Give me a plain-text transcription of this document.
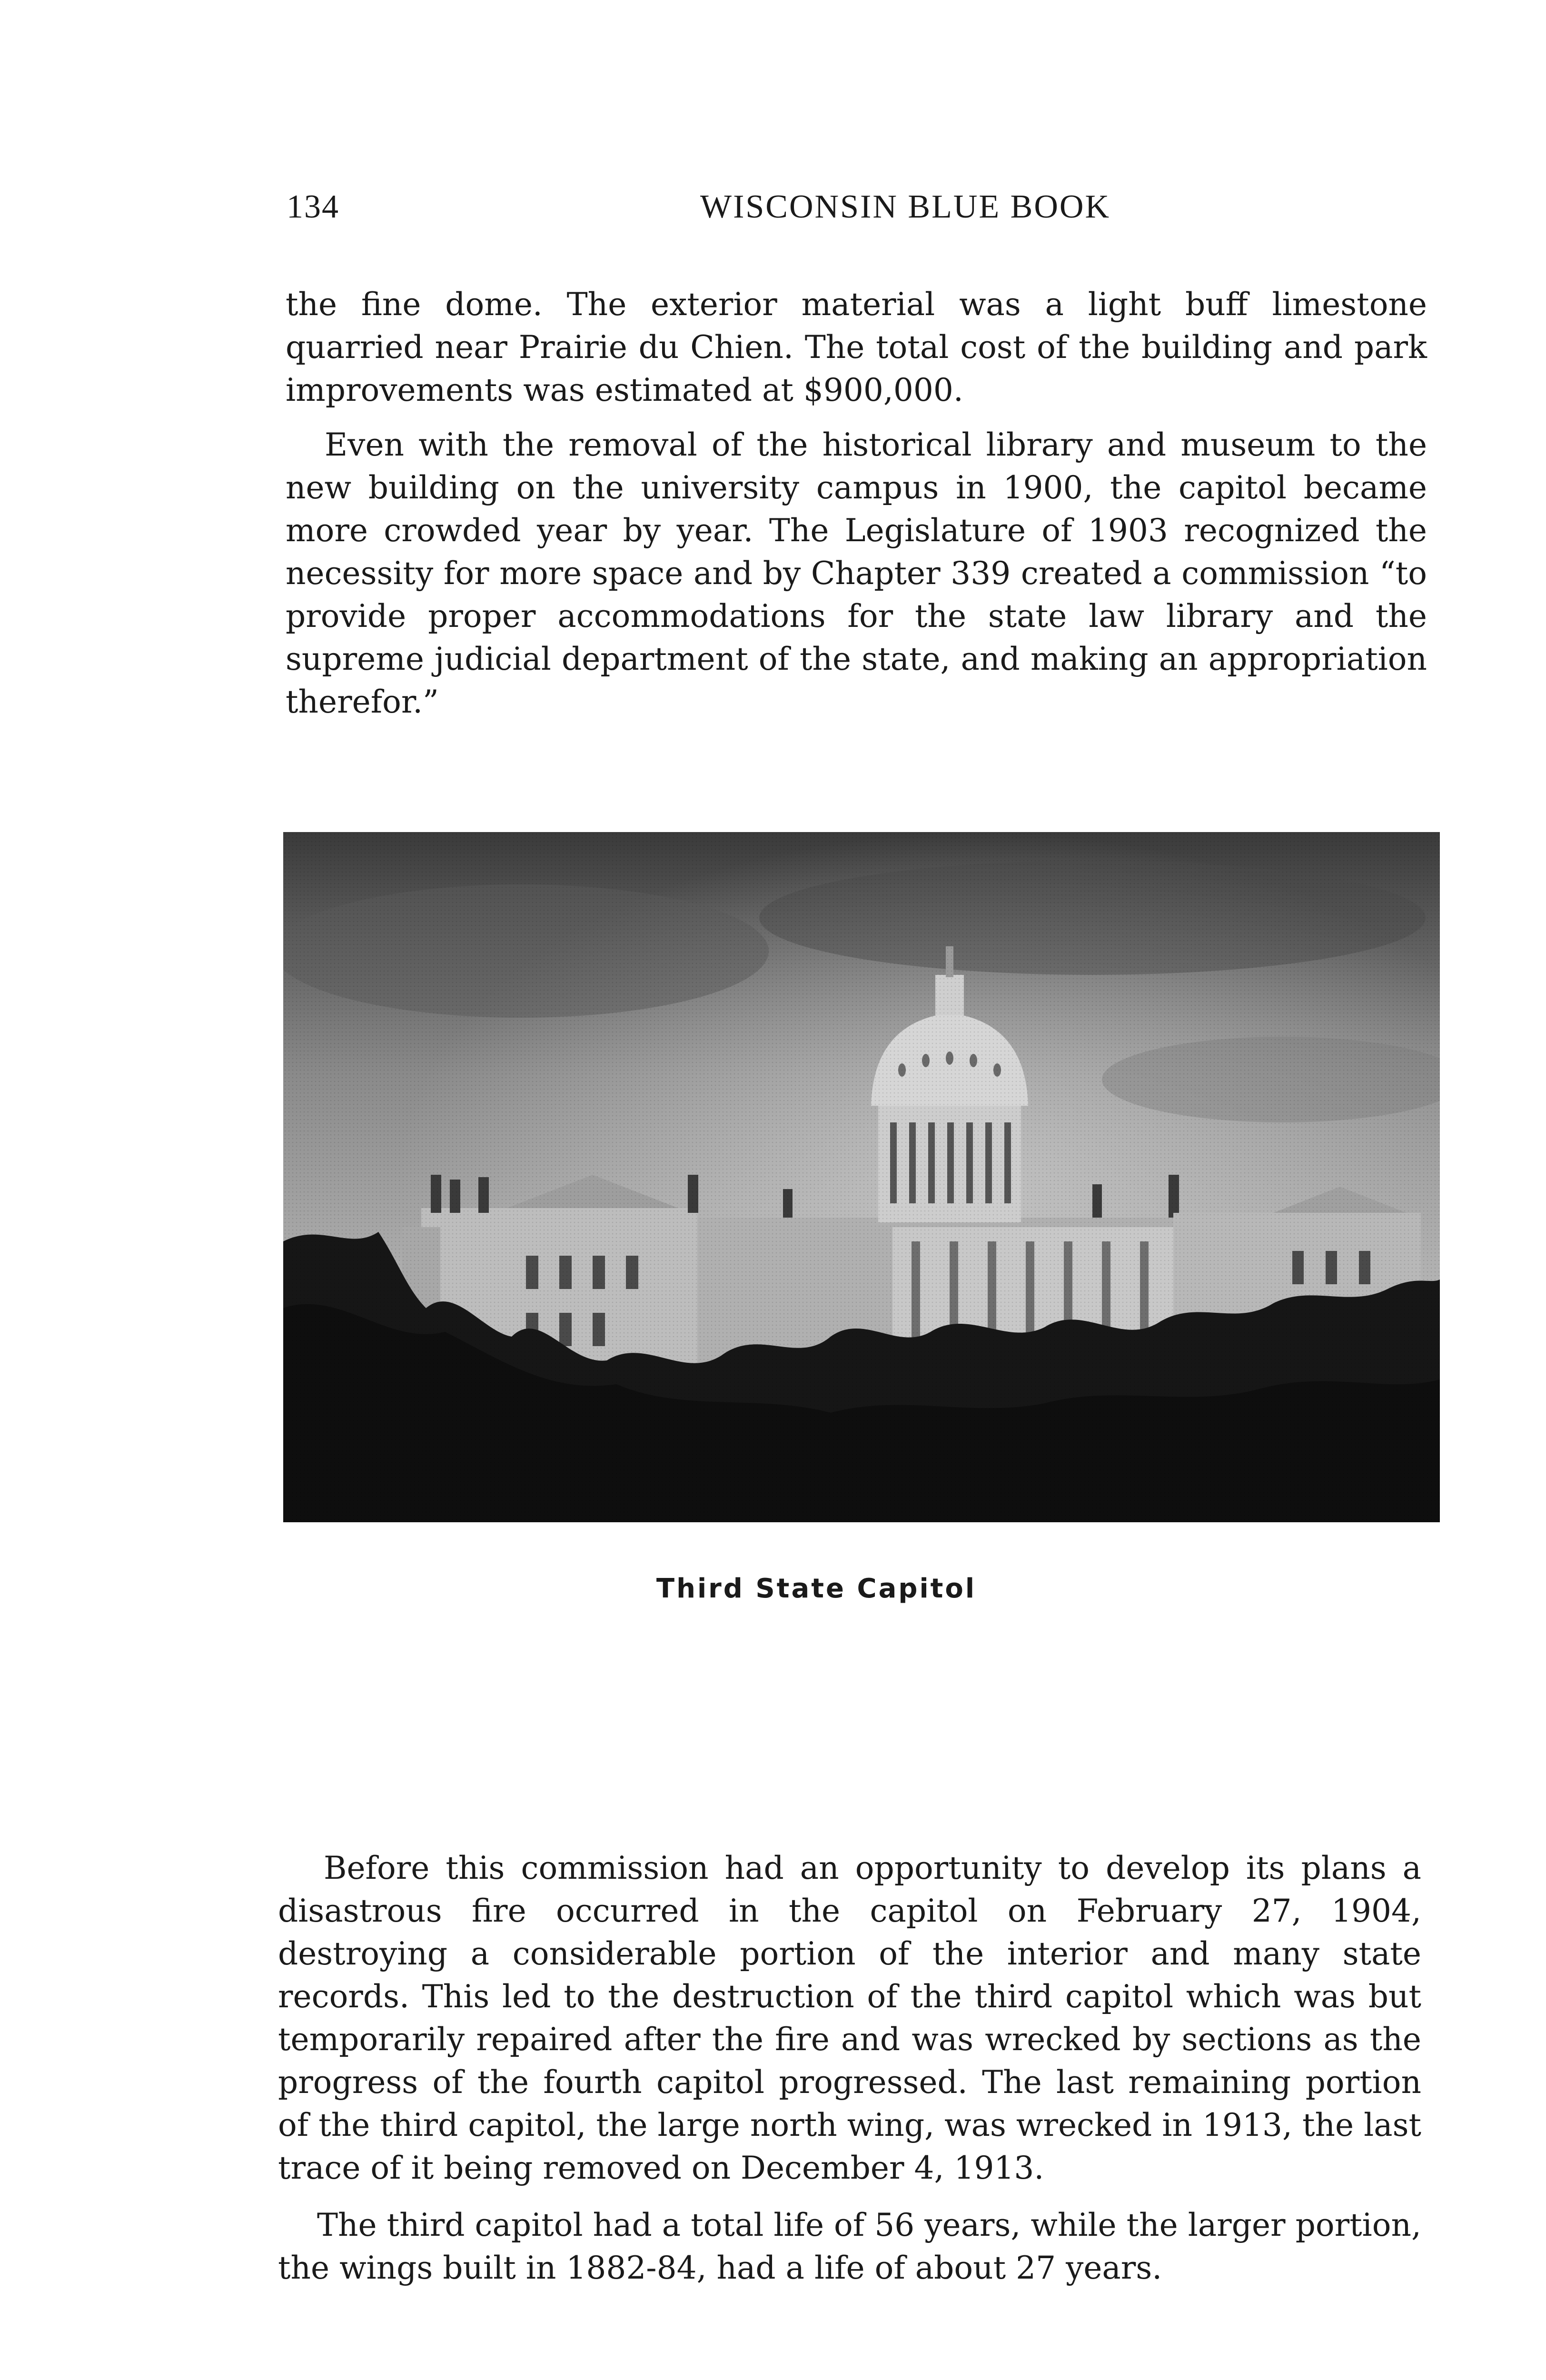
134	WISCONSIN BLUE BOOK

the fine dome. The exterior material was a light buff limestone quarried near Prairie du Chien. The total cost of the building and park improvements was estimated at $900,000.

Even with the removal of the historical library and museum to the new building on the university campus in 1900, the capitol became more crowded year by year. The Legislature of 1903 recognized the necessity for more space and by Chapter 339 created a commission “to provide proper accommodations for the state law library and the supreme judicial department of the state, and making an appropriation therefor.”

Third State Capitol

Before this commission had an opportunity to develop its plans a disastrous fire occurred in the capitol on February 27, 1904, destroying a considerable portion of the interior and many state records. This led to the destruction of the third capitol which was but temporarily repaired after the fire and was wrecked by sections as the progress of the fourth capitol progressed. The last remaining portion of the third capitol, the large north wing, was wrecked in 1913, the last trace of it being removed on December 4, 1913.

The third capitol had a total life of 56 years, while the larger portion, the wings built in 1882-84, had a life of about 27 years.
